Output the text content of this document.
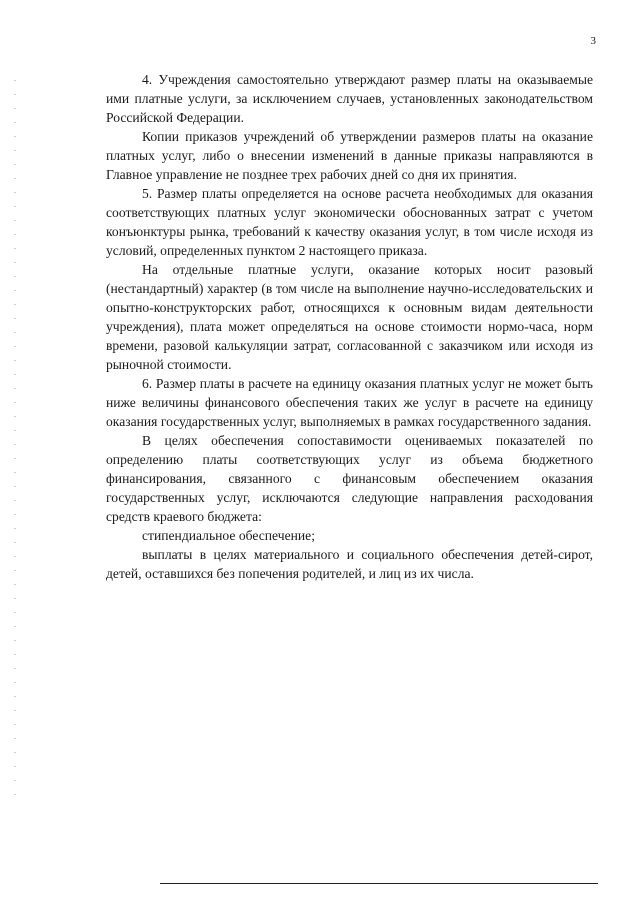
3

4. Учреждения самостоятельно утверждают размер платы на оказываемые ими платные услуги, за исключением случаев, установленных законодательством Российской Федерации.

Копии приказов учреждений об утверждении размеров платы на оказание платных услуг, либо о внесении изменений в данные приказы направляются в Главное управление не позднее трех рабочих дней со дня их принятия.

5. Размер платы определяется на основе расчета необходимых для оказания соответствующих платных услуг экономически обоснованных затрат с учетом конъюнктуры рынка, требований к качеству оказания услуг, в том числе исходя из условий, определенных пунктом 2 настоящего приказа.

На отдельные платные услуги, оказание которых носит разовый (нестандартный) характер (в том числе на выполнение научно-исследовательских и опытно-конструкторских работ, относящихся к основным видам деятельности учреждения), плата может определяться на основе стоимости нормо-часа, норм времени, разовой калькуляции затрат, согласованной с заказчиком или исходя из рыночной стоимости.

6. Размер платы в расчете на единицу оказания платных услуг не может быть ниже величины финансового обеспечения таких же услуг в расчете на единицу оказания государственных услуг, выполняемых в рамках государственного задания.

В целях обеспечения сопоставимости оцениваемых показателей по определению платы соответствующих услуг из объема бюджетного финансирования, связанного с финансовым обеспечением оказания государственных услуг, исключаются следующие направления расходования средств краевого бюджета:

стипендиальное обеспечение;

выплаты в целях материального и социального обеспечения детей-сирот, детей, оставшихся без попечения родителей, и лиц из их числа.
